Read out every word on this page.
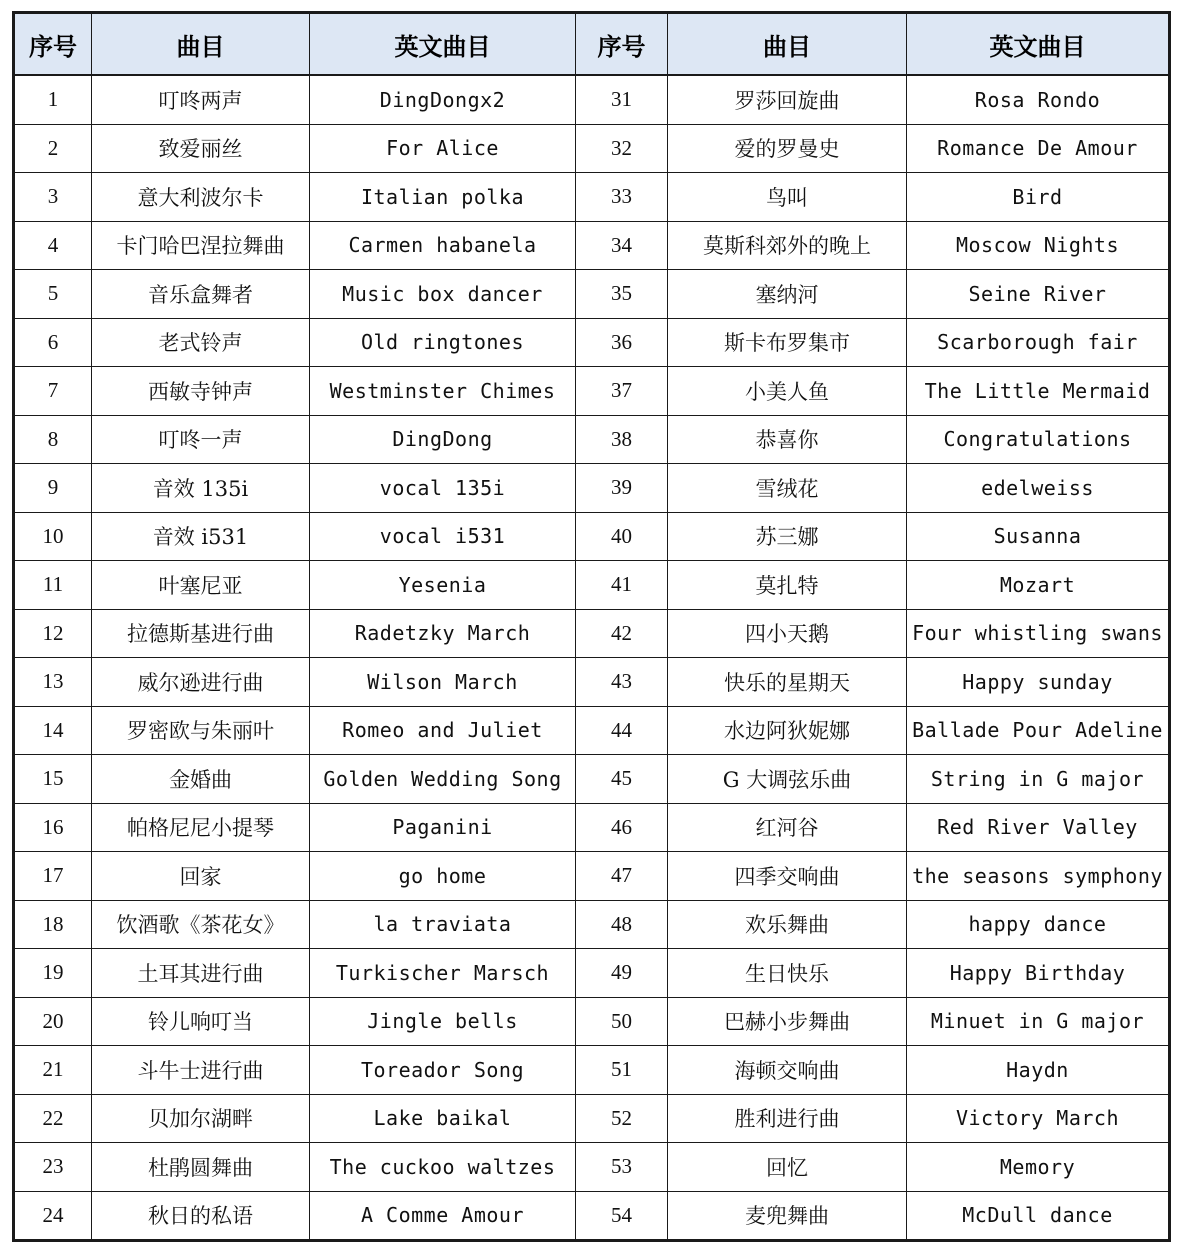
序号	曲目	英文曲目	序号	曲目	英文曲目
1	叮咚两声	DingDongx2	31	罗莎回旋曲	Rosa Rondo
2	致爱丽丝	For Alice	32	爱的罗曼史	Romance De Amour
3	意大利波尔卡	Italian polka	33	鸟叫	Bird
4	卡门哈巴涅拉舞曲	Carmen habanela	34	莫斯科郊外的晚上	Moscow Nights
5	音乐盒舞者	Music box dancer	35	塞纳河	Seine River
6	老式铃声	Old ringtones	36	斯卡布罗集市	Scarborough fair
7	西敏寺钟声	Westminster Chimes	37	小美人鱼	The Little Mermaid
8	叮咚一声	DingDong	38	恭喜你	Congratulations
9	音效 135i	vocal 135i	39	雪绒花	edelweiss
10	音效 i531	vocal i531	40	苏三娜	Susanna
11	叶塞尼亚	Yesenia	41	莫扎特	Mozart
12	拉德斯基进行曲	Radetzky March	42	四小天鹅	Four whistling swans
13	威尔逊进行曲	Wilson March	43	快乐的星期天	Happy sunday
14	罗密欧与朱丽叶	Romeo and Juliet	44	水边阿狄妮娜	Ballade Pour Adeline
15	金婚曲	Golden Wedding Song	45	G 大调弦乐曲	String in G major
16	帕格尼尼小提琴	Paganini	46	红河谷	Red River Valley
17	回家	go home	47	四季交响曲	the seasons symphony
18	饮酒歌《茶花女》	la traviata	48	欢乐舞曲	happy dance
19	土耳其进行曲	Turkischer Marsch	49	生日快乐	Happy Birthday
20	铃儿响叮当	Jingle bells	50	巴赫小步舞曲	Minuet in G major
21	斗牛士进行曲	Toreador Song	51	海顿交响曲	Haydn
22	贝加尔湖畔	Lake baikal	52	胜利进行曲	Victory March
23	杜鹃圆舞曲	The cuckoo waltzes	53	回忆	Memory
24	秋日的私语	A Comme Amour	54	麦兜舞曲	McDull dance
